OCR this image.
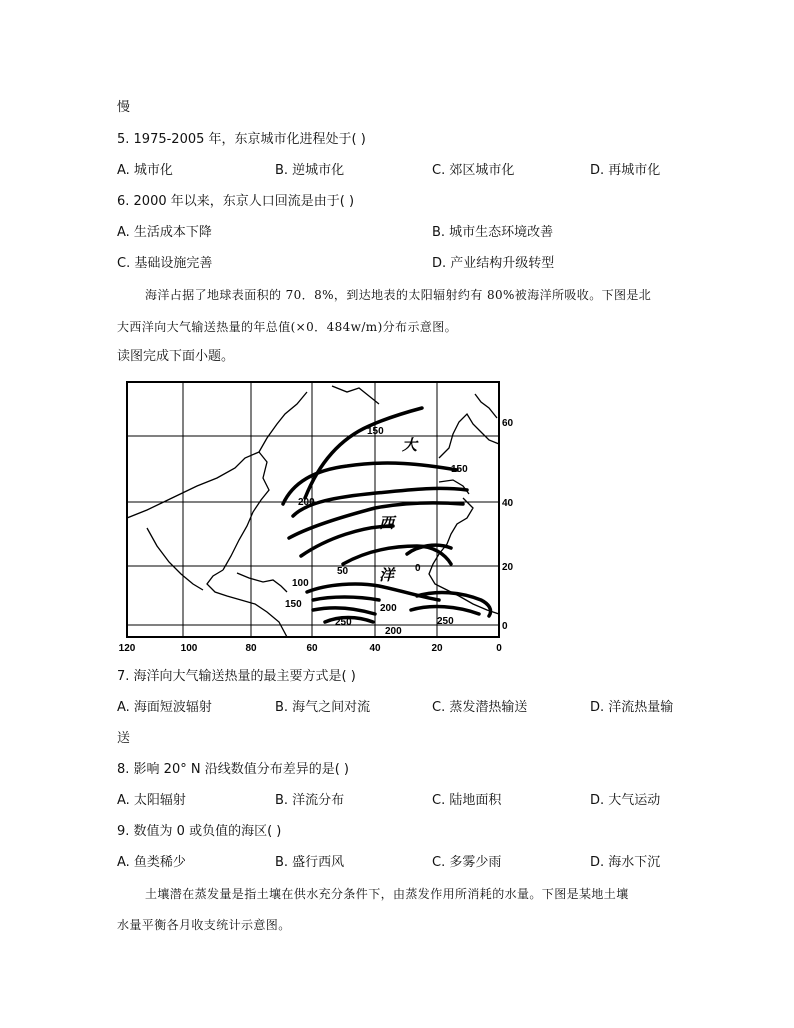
慢
5. 1975-2005 年，东京城市化进程处于( )
A. 城市化	B. 逆城市化	C. 郊区城市化	D. 再城市化
6. 2000 年以来，东京人口回流是由于( )
A. 生活成本下降	B. 城市生态环境改善
C. 基础设施完善	D. 产业结构升级转型
海洋占据了地球表面积的 70．8%，到达地表的太阳辐射约有 80%被海洋所吸收。下图是北
大西洋向大气输送热量的年总值(×0．484w/m)分布示意图。
读图完成下面小题。
150
150
200
100
50	0
150	200
250	250
200
大
西
洋
60
40
20
0
120	100	80	60	40	20	0
7. 海洋向大气输送热量的最主要方式是( )
A. 海面短波辐射	B. 海气之间对流	C. 蒸发潜热输送	D. 洋流热量输
送
8. 影响 20° N 沿线数值分布差异的是( )
A. 太阳辐射	B. 洋流分布	C. 陆地面积	D. 大气运动
9. 数值为 0 或负值的海区( )
A. 鱼类稀少	B. 盛行西风	C. 多雾少雨	D. 海水下沉
土壤潜在蒸发量是指土壤在供水充分条件下，由蒸发作用所消耗的水量。下图是某地土壤
水量平衡各月收支统计示意图。
